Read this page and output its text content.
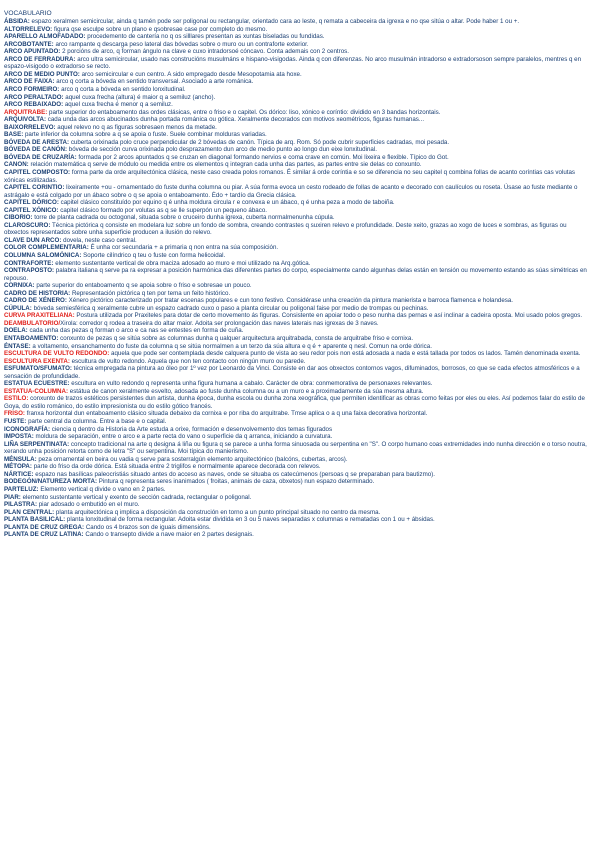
VOCABULARIO
ÁBSIDA: espazo xeralmen semicircular, ainda q tamén pode ser poligonal ou rectangular, orientado cara ao leste, q remata a cabeceira da igrexa e no qse sitúa o altar. Pode haber 1 ou +.
ALTORRELEVO: figura qse esculpe sobre un plano e qsobresae case por completo do mesmo.
APARELLO ALMOFADADO: procedemento de cantería no q os silllares presentan as xuntas biseladas ou fundidas.
ARCOBOTANTE: arco rampante q descarga peso lateral das bóvedas sobre o muro ou un contraforte exterior.
ARCO APUNTADO: 2 porcións de arco, q forman ángulo na clave e cuxo intradorsoé cóncavo. Conta ademais con 2 centros.
ARCO DE FERRADURA: arco ultra semicircular, usado nas construcións musulmáns e hispano-visigodas. Ainda q con diferenzas. No arco musulmán intradorso e extradorsoson sempre paralelos, mentres q en espazo-visigodo o extradorso se recto.
ARCO DE MEDIO PUNTO: arco semicircular e cun centro. A sido empregado desde Mesopotamia ata hoxe.
ARCO DE FAIXA: arco q corta a bóveda en sentido transversal. Asociado a arte románica.
ARCO FORMEIRO: arco q corta a bóveda en sentido lonxitudinal.
ARCO PERALTADO: aquel cuxa frecha (altura) é maior q a semiluz (ancho).
ARCO REBAIXADO: aquel cuxa frecha é menor q a semiluz.
ARQUITRABE: parte superior do entaboamento das ordes clásicas, entre o friso e o capitel. Os dórico: liso, xónico e coríntio: dividido en 3 bandas horizontais.
ARQUIVOLTA: cada unda das arcos abucinados dunha portada románica ou gótica. Xeralmente decorados con motivos xeométricos, figuras humanas...
BAIXORRELEVO: aquel relevo no q as figuras sobresaen menos da metade.
BASE: parte inferior da columna sobre a q se apoia o fuste. Suele combinar molduras variadas.
BÓVEDA DE ARESTA: cuberta orixinada polo cruce perpendicular de 2 bóvedas de canón. Típica de arq. Rom. Só pode cubrir superficies cadradas, moi pesada.
BÓVEDA DE CANÓN: bóveda de sección curva orixinada polo desprazamento dun arco de medio punto ao longo dun eixe lonxitudinal.
BÓVEDA DE CRUZARÍA: formada por 2 arcos apuntados q se cruzan en diagonal formando nervios e coma crave en común. Moi lixeira e flexible. Típico do Got.
CANON: relación matemática q serve de módulo ou medida entre os elementos q integran cada unha das partes, as partes entre sie delas co conxunto.
CAPITEL COMPOSTO: forma parte da orde arquitectónica clásica, neste caso creada polos romanos. É similar á orde coríntia e so se diferencia no seu capitel q combina follas de acanto coríntias cas volutas xónicas estilizadas.
CAPITEL CORINTIO: lixeiramente +ou - ornamentado do fuste dunha columna ou piar. A súa forma evoca un cesto rodeado de follas de acanto e decorado con caulículos ou roseta. Úsase ao fuste mediante o astrágalo e está colgado por un ábaco sobre o q se apoia o entaboamento. Ėdo + tardío da Grecia clásica.
CAPITEL DÓRICO: capitel clásico constituído por equino q é unha moldura circula r e convexa e un ábaco, q é unha peza a modo de taboiña.
CAPITEL XÓNICO: capitel clásico formado por volutas as q se lle superpón un pequeno ábaco.
CIBORIO: torre de planta cadrada ou octogonal, situada sobre o cruceiro dunha igrexa, cuberta normalmenunha cúpula.
CLAROSCURO: Técnica pictórica q consiste en modelara luz sobre un fondo de sombra, creando contrastes q suxiren relevo e profundidade. Deste xeito, grazas ao xogo de luces e sombras, as figuras ou obxectos representados sobre unha superficie producen a ilusión do relevo.
CLAVE DUN ARCO: dovela, neste caso central.
COLOR COMPLEMENTARIA: É unha cor secundaria + a primaria q non entra na súa composición.
COLUMNA SALOMÓNICA: Soporte cilíndrico q teu o fuste con forma helicoidal.
CONTRAFORTE: elemento sustentante vertical de obra maciza adosado ao muro e moi utilizado na Arq.gótica.
CONTRAPOSTO: palabra italiana q serve pa ra expresar a posición harmónica das diferentes partes do corpo, especialmente cando algunhas delas están en tensión ou movemento estando as súas simétricas en repouso.
CORNIXA: parte superior do entaboamento q se apoia sobre o friso e sobresae un pouco.
CADRO DE HISTORIA: Representación pictórica q ten por tema un feito histórico.
CADRO DE XÉNERO: Xénero pictórico caracterizado por tratar escenas populares e cun tono festivo. Considérase unha creación da pintura manierista e barroca flamenca e holandesa.
CÚPULA: bóveda semiesférica q xeralmente cubre un espazo cadrado cuxo o paso a planta circular ou poligonal faise por medio de trompas ou pechinas.
CURVA PRAXITELIANA: Postura utilizada por Praxiteles para dotar de certo movemento ás figuras. Consistente en apoiar todo o peso nunha das pernas e así inclinar a cadeira oposta. Moi usado polos gregos.
DEAMBULATORIO/Xirola: corredor q rodea a traseira do altar maior. Adoita ser prolongación das naves laterais nas igrexas de 3 naves.
DOELA: cada unha das pezas q forman o arco e ca nas se entestes en forma de cuña.
ENTABOAMENTO: conxunto de pezas q se sitúa sobre as columnas dunha q ualquer arquitectura arquitrabada, consta de arquitrabe friso e cornixa.
ÉNTASE: a voltamento, ensanchamento do fuste da columna q se sitúa normalmen a un terzo da súa altura e q é + aparente q nesl. Comun na orde dórica.
ESCULTURA DE VULTO REDONDO: aquela que pode ser contemplada desde calquera punto de vista ao seu redor pois non está adosada a nada e está tallada por todos os lados. Tamén denominada exenta.
ESCULTURA EXENTA: escultura de vulto redondo. Aquela que non ten contacto con ningún muro ou parede.
ESFUMATO/SFUMATO: técnica empregada na pintura ao óleo por 1º vez por Leonardo da Vinci. Consiste en dar aos obxectos contornos vagos, difuminados, borrosos, co que se cada efectos atmosféricos e a sensación de profundidade.
ESTATUA ECUESTRE: escultura en vulto redondo q representa unha figura humana a cabalo. Carácter de obra: conmemorativa de personaxes relevantes.
ESTATUA-COLUMNA: estátua de canon xeralmente esvelto, adosada ao fuste dunha columna ou a un muro e a proximadamente da súa mesma altura.
ESTILO: conxunto de trazos estéticos persistentes dun artista, dunha época, dunha escola ou dunha zona xeográfica, que permiten identificar as obras como feitas por eles ou eles. Así podemos falar do estilo de Goya, do estilo románico, do estilo impresionista ou do estilo gótico francés.
FRISO: franxa horizontal dun entaboamento clásico situada debaixo da cornixa e por riba do arquitrabe. Tmse aplica o a q una faixa decorativa horizontal.
FUSTE: parte central da columna. Entre a base e o capital.
ICONOGRAFÍA: ciencia q dentro da Historia da Arte estuda a orixe, formación e desenvolvemento dos temas figurados
IMPOSTA: moldura de separación, entre o arco e a parte recta do vano o superficie da q arranca, iniciando a curvatura.
LIÑA SERPENTINATA: concepto tradicional na arte q designa á liña ou figura q se parece a unha forma sinuosada ou serpentina en "S". O corpo humano coas extremidades indo nunha dirección e o torso noutra, xerando unha posición retorta como de letra "S" ou serpentina. Moi típica do manierismo.
MÉNSULA: peza ornamental en beira ou vadia q serve para sosterralgún elemento arquitectónico (balcóns, cubertas, arcos).
MÉTOPA: parte do friso da orde dórica. Está situada entre 2 triglifos e normalmente aparece decorada con relevos.
NÁRTICE: espazo nas basílicas paleocristiás situado antes do acceso as naves, onde se situaba os catecúmenos (persoas q se preparaban para bautizmo).
BODEGÓN/NATUREZA MORTA: Pintura q representa seres inanimados ( froitas, animais de caza, obxetos) nun espazo determinado.
PARTELUZ: Elemento vertical q divide o vano en 2 partes.
PIAR: elemento sustentante vertical y exento de sección cadrada, rectangular o poligonal.
PILASTRA: piar adosado o embutido en el muro.
PLAN CENTRAL: planta arquitectónica q implica a disposición da construción en torno a un punto principal situado no centro da mesma.
PLANTA BASILICAL: planta lonxitudinal de forma rectangular. Adoita estar dividida en 3 ou 5 naves separadas x columnas e rematadas con 1 ou + ábsidas.
PLANTA DE CRUZ GREGA: Cando os 4 brazos son de iguais dimensións.
PLANTA DE CRUZ LATINA: Cando o transepto divide a nave maior en 2 partes designais.
